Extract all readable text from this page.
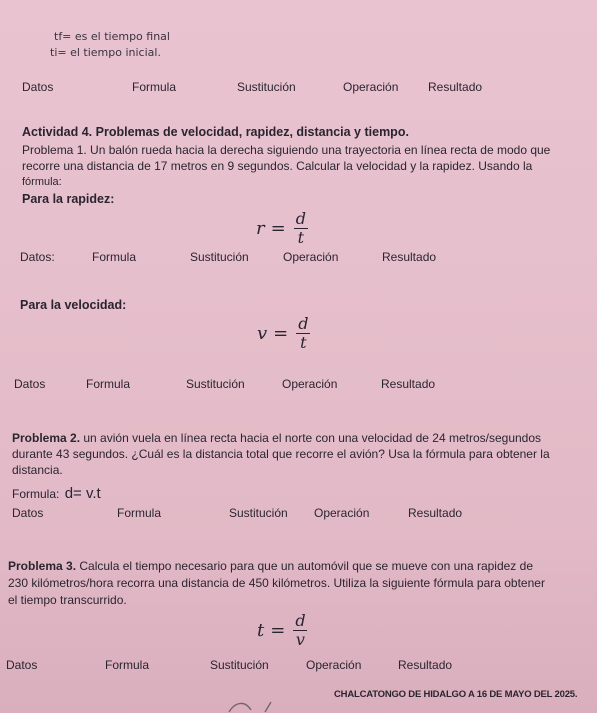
tf= es el tiempo final
ti= el tiempo inicial.
Datos	Formula	Sustitución	Operación Resultado
Actividad 4. Problemas de velocidad, rapidez, distancia y tiempo.
Problema 1. Un balón rueda hacia la derecha siguiendo una trayectoria en línea recta de modo que
recorre una distancia de 17 metros en 9 segundos. Calcular la velocidad y la rapidez. Usando la
fórmula:
Para la rapidez:
$r = \frac{d}{t}$
Datos:	Formula	Sustitución	Operación	Resultado
Para la velocidad:
$v = \frac{d}{t}$
Datos	Formula	Sustitución	Operación	Resultado
Problema 2. un avión vuela en línea recta hacia el norte con una velocidad de 24 metros/segundos
durante 43 segundos. ¿Cuál es la distancia total que recorre el avión? Usa la fórmula para obtener la
distancia.
Formula: d= v.t
Datos	Formula	Sustitución Operación	Resultado
Problema 3. Calcula el tiempo necesario para que un automóvil que se mueve con una rapidez de
230 kilómetros/hora recorra una distancia de 450 kilómetros. Utiliza la siguiente fórmula para obtener
el tiempo transcurrido.
$t = \frac{d}{v}$
Datos	Formula	Sustitución	Operación	Resultado
CHALCATONGO DE HIDALGO A 16 DE MAYO DEL 2025.
